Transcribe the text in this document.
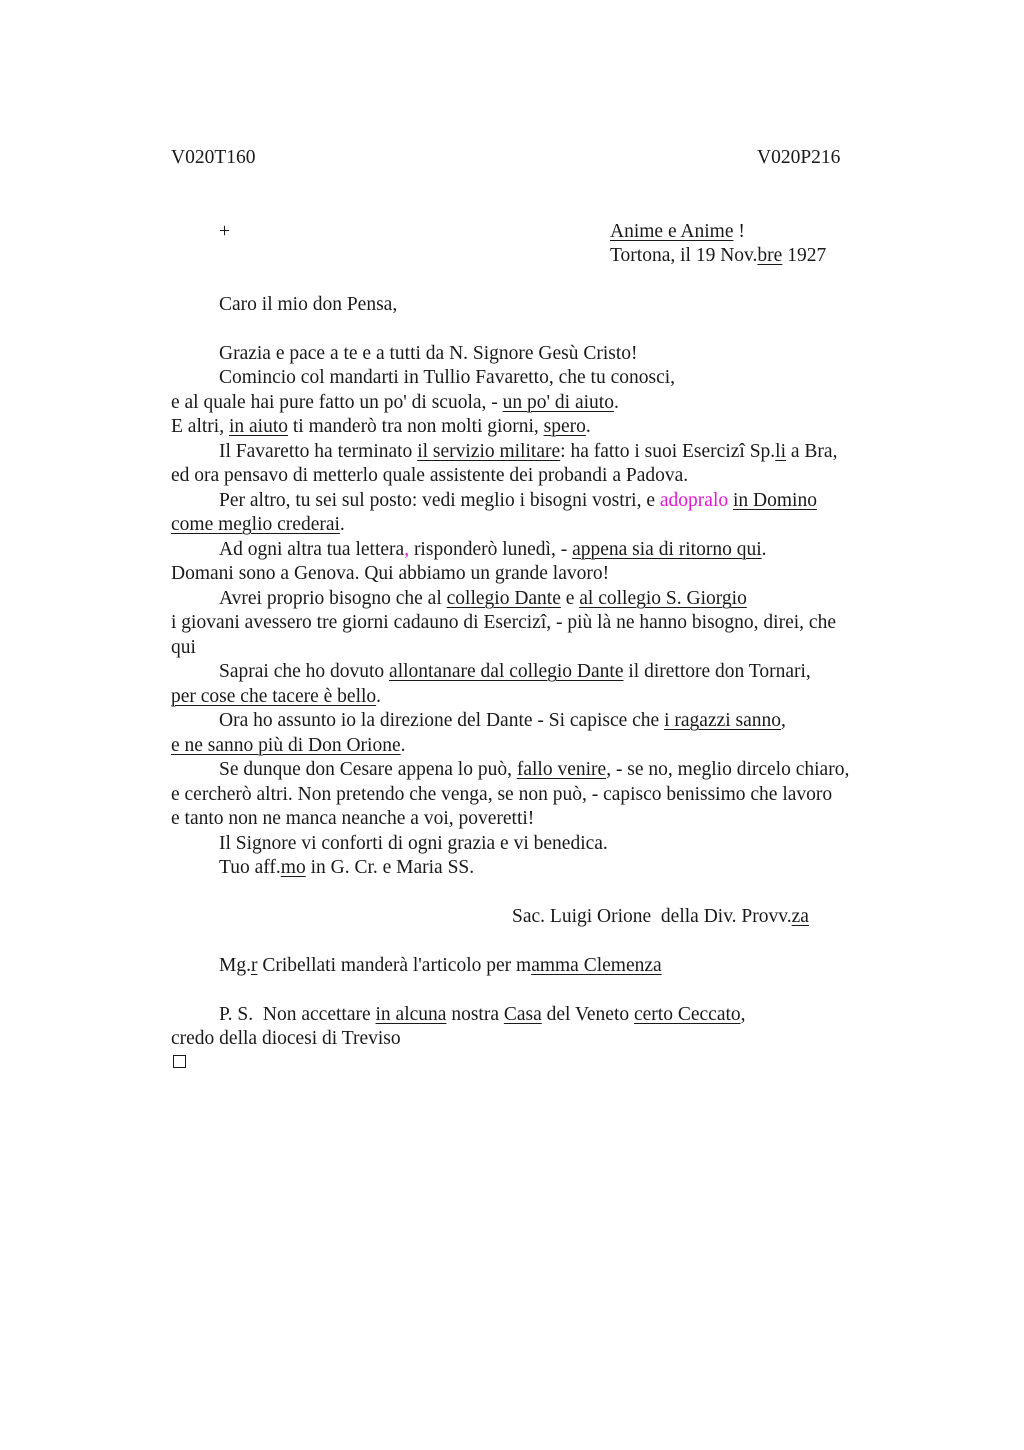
V020T160	V020P216
+	Anime e Anime !
Tortona, il 19 Nov.bre 1927
Caro il mio don Pensa,
Grazia e pace a te e a tutti da N. Signore Gesù Cristo!
Comincio col mandarti in Tullio Favaretto, che tu conosci,
e al quale hai pure fatto un po' di scuola, - un po' di aiuto.
E altri, in aiuto ti manderò tra non molti giorni, spero.
Il Favaretto ha terminato il servizio militare: ha fatto i suoi Esercizi Sp.li a Bra,
ed ora pensavo di metterlo quale assistente dei probandi a Padova.
Per altro, tu sei sul posto: vedi meglio i bisogni vostri, e adopralo in Domino
come meglio crederai.
Ad ogni altra tua lettera, risponderò lunedì, - appena sia di ritorno qui.
Domani sono a Genova. Qui abbiamo un grande lavoro!
Avrei proprio bisogno che al collegio Dante e al collegio S. Giorgio
i giovani avessero tre giorni cadauno di Esercizi, - più là ne hanno bisogno, direi, che
qui
Saprai che ho dovuto allontanare dal collegio Dante il direttore don Tornari,
per cose che tacere è bello.
Ora ho assunto io la direzione del Dante - Si capisce che i ragazzi sanno,
e ne sanno più di Don Orione.
Se dunque don Cesare appena lo può, fallo venire, - se no, meglio dircelo chiaro,
e cercherò altri. Non pretendo che venga, se non può, - capisco benissimo che lavoro
e tanto non ne manca neanche a voi, poveretti!
Il Signore vi conforti di ogni grazia e vi benedica.
Tuo aff.mo in G. Cr. e Maria SS.
Sac. Luigi Orione  della Div. Provv.za
Mg.r Cribellati manderà l'articolo per mamma Clemenza
P. S.  Non accettare in alcuna nostra Casa del Veneto certo Ceccato,
credo della diocesi di Treviso
